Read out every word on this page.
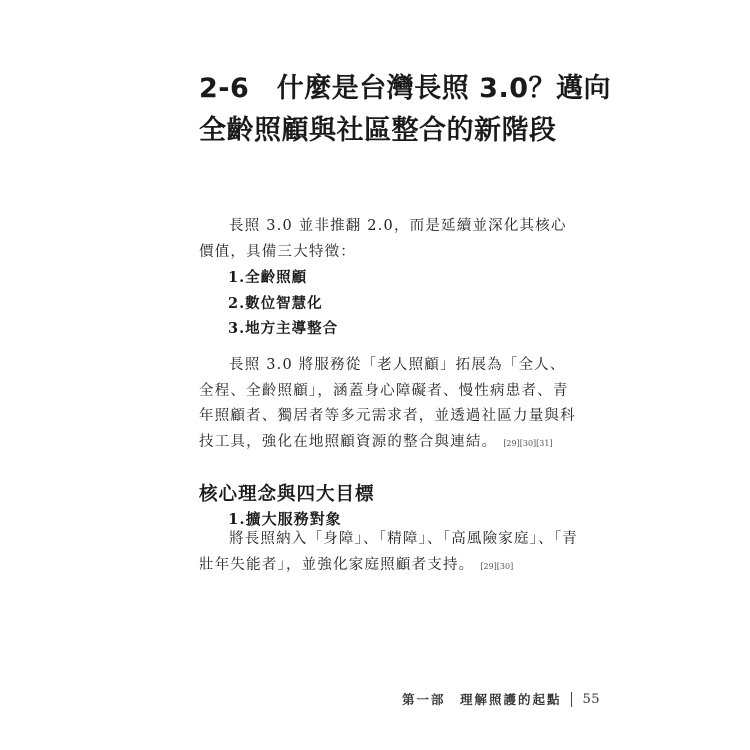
2-6　什麼是台灣長照 3.0？邁向
全齡照顧與社區整合的新階段

長照 3.0 並非推翻 2.0，而是延續並深化其核心價值，具備三大特徵：

1.全齡照顧
2.數位智慧化
3.地方主導整合

長照 3.0 將服務從「老人照顧」拓展為「全人、全程、全齡照顧」，涵蓋身心障礙者、慢性病患者、青年照顧者、獨居者等多元需求者，並透過社區力量與科技工具，強化在地照顧資源的整合與連結。 [29][30][31]

核心理念與四大目標
1.擴大服務對象

將長照納入「身障」、「精障」、「高風險家庭」、「青壯年失能者」，並強化家庭照顧者支持。 [29][30]

第一部　理解照護的起點 55
